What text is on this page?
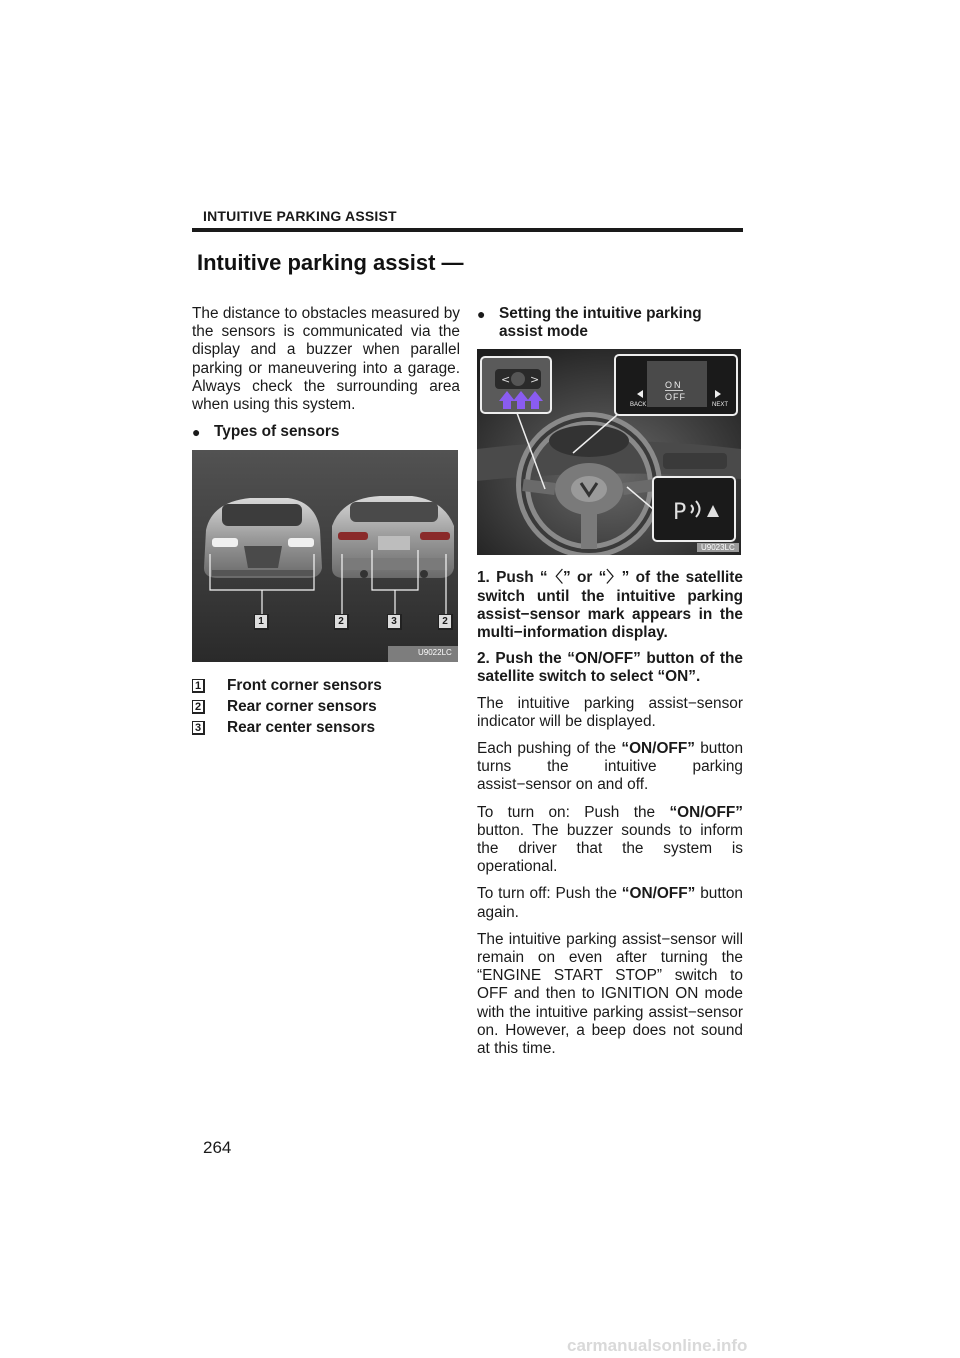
INTUITIVE PARKING ASSIST
Intuitive parking assist —

The distance to obstacles measured by the sensors is communicated via the display and a buzzer when parallel parking or maneuvering into a garage. Always check the surrounding area when using this system.

● Types of sensors
1	2	3	2
U9022LC
1 Front corner sensors
2 Rear corner sensors
3 Rear center sensors
● Setting the intuitive parking assist mode
< >
P
ON
OFF
BACK	NEXT
U9023LC

1. Push “〈” or “〉” of the satellite switch until the intuitive parking assist−sensor mark appears in the multi−information display.

2. Push the “ON/OFF” button of the satellite switch to select “ON”.

The intuitive parking assist−sensor indicator will be displayed.

Each pushing of the “ON/OFF” button turns the intuitive parking assist−sensor on and off.

To turn on: Push the “ON/OFF” button. The buzzer sounds to inform the driver that the system is operational.

To turn off: Push the “ON/OFF” button again.

The intuitive parking assist−sensor will remain on even after turning the “ENGINE START STOP” switch to OFF and then to IGNITION ON mode with the intuitive parking assist−sensor on. However, a beep does not sound at this time.

264
carmanualsonline.info
